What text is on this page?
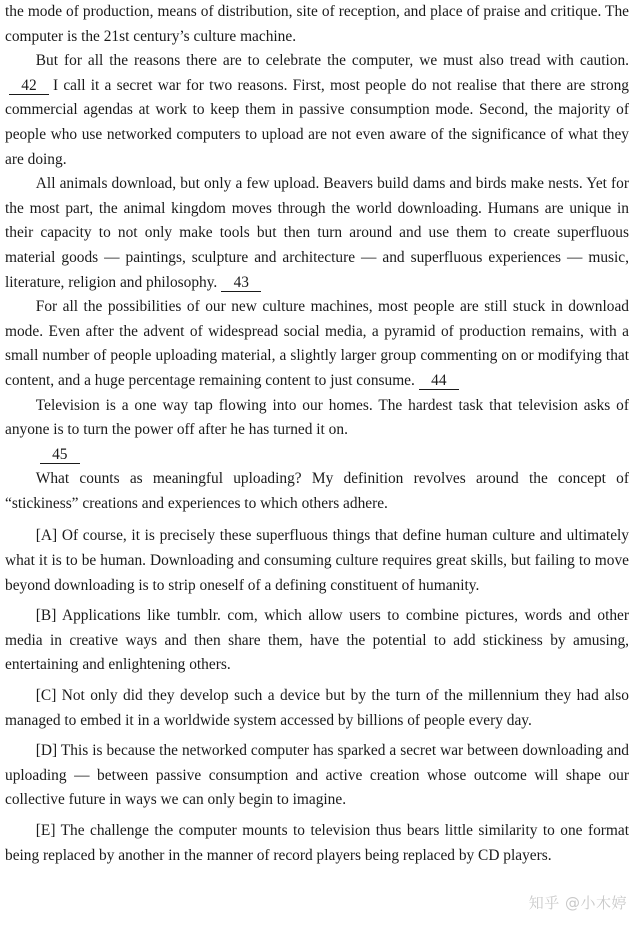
the mode of production, means of distribution, site of reception, and place of praise and critique. The computer is the 21st century’s culture machine.

But for all the reasons there are to celebrate the computer, we must also tread with caution.42 I call it a secret war for two reasons. First, most people do not realise that there are strong commercial agendas at work to keep them in passive consumption mode. Second, the majority of people who use networked computers to upload are not even aware of the significance of what they are doing.

All animals download, but only a few upload. Beavers build dams and birds make nests. Yet for the most part, the animal kingdom moves through the world downloading. Humans are unique in their capacity to not only make tools but then turn around and use them to create superfluous material goods — paintings, sculpture and architecture — and superfluous experiences — music, literature, religion and philosophy. 43

For all the possibilities of our new culture machines, most people are still stuck in download mode. Even after the advent of widespread social media, a pyramid of production remains, with a small number of people uploading material, a slightly larger group commenting on or modifying that content, and a huge percentage remaining content to just consume. 44

Television is a one way tap flowing into our homes. The hardest task that television asks of anyone is to turn the power off after he has turned it on.

45

What counts as meaningful uploading? My definition revolves around the concept of “stickiness” creations and experiences to which others adhere.

[A] Of course, it is precisely these superfluous things that define human culture and ultimately what it is to be human. Downloading and consuming culture requires great skills, but failing to move beyond downloading is to strip oneself of a defining constituent of humanity.

[B] Applications like tumblr. com, which allow users to combine pictures, words and other media in creative ways and then share them, have the potential to add stickiness by amusing, entertaining and enlightening others.

[C] Not only did they develop such a device but by the turn of the millennium they had also managed to embed it in a worldwide system accessed by billions of people every day.

[D] This is because the networked computer has sparked a secret war between downloading and uploading — between passive consumption and active creation whose outcome will shape our collective future in ways we can only begin to imagine.

[E] The challenge the computer mounts to television thus bears little similarity to one format being replaced by another in the manner of record players being replaced by CD players.

知乎 @小木婷
